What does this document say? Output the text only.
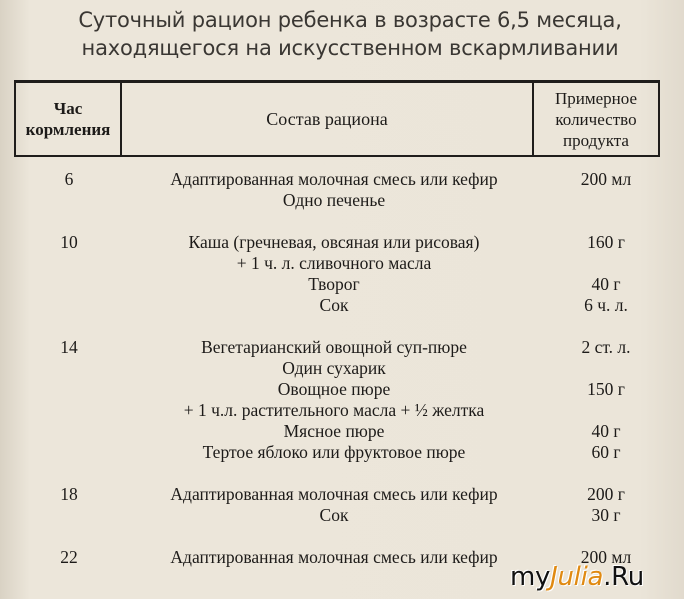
Суточный рацион ребенка в возрасте 6,5 месяца,
находящегося на искусственном вскармливании
Час кормления
Состав рациона
Примерное количество продукта
6	Адаптированная молочная смесь или кефир	200 мл
Одно печенье
10	Каша (гречневая, овсяная или рисовая)	160 г
+ 1 ч. л. сливочного масла
Творог	40 г
Сок	6 ч. л.
14	Вегетарианский овощной суп-пюре	2 ст. л.
Один сухарик
Овощное пюре	150 г
+ 1 ч.л. растительного масла + ½ желтка
Мясное пюре	40 г
Тертое яблоко или фруктовое пюре	60 г
18	Адаптированная молочная смесь или кефир	200 г
Сок	30 г
22	Адаптированная молочная смесь или кефир	200 мл
myJulia.Ru
